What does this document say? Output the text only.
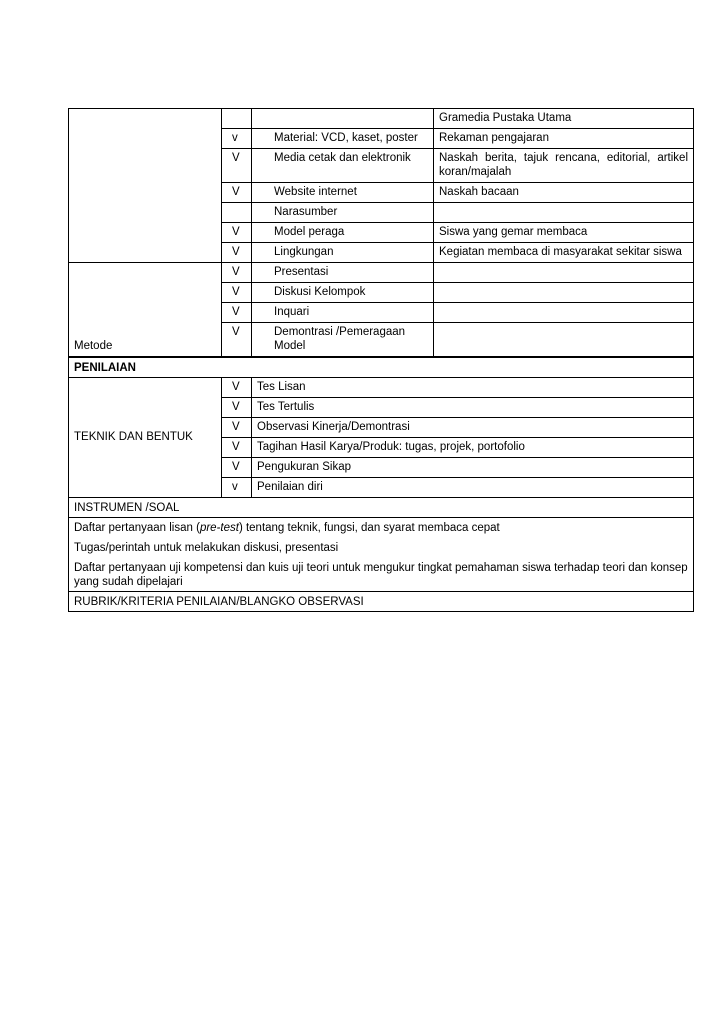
			Gramedia Pustaka Utama
	v	Material: VCD, kaset, poster	Rekaman pengajaran
	V	Media cetak dan elektronik	Naskah berita, tajuk rencana, editorial, artikel koran/majalah
	V	Website internet	Naskah bacaan
		Narasumber	
	V	Model peraga	Siswa yang gemar membaca
	V	Lingkungan	Kegiatan membaca di masyarakat sekitar siswa
Metode	V	Presentasi	
	V	Diskusi Kelompok	
	V	Inquari	
	V	Demontrasi /Pemeragaan Model	
PENILAIAN		
TEKNIK DAN BENTUK	V	Tes Lisan
	V	Tes Tertulis
	V	Observasi Kinerja/Demontrasi
	V	Tagihan Hasil Karya/Produk: tugas, projek, portofolio
	V	Pengukuran Sikap
	v	Penilaian diri
INSTRUMEN /SOAL		

Daftar pertanyaan lisan (pre-test) tentang teknik, fungsi, dan syarat membaca cepat
Tugas/perintah untuk melakukan diskusi, presentasi
Daftar pertanyaan uji kompetensi dan kuis uji teori untuk mengukur tingkat pemahaman siswa terhadap teori dan konsep yang sudah dipelajari		

RUBRIK/KRITERIA PENILAIAN/BLANGKO OBSERVASI		
